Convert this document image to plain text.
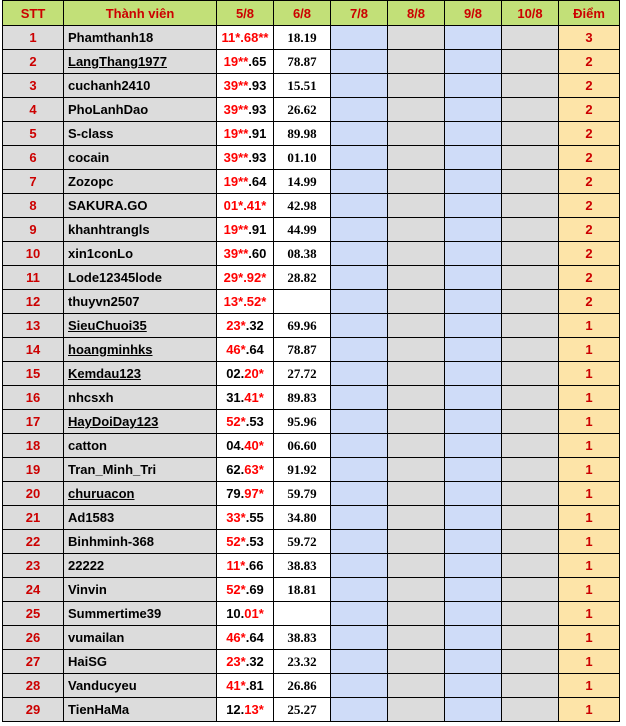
STT	Thành viên	5/8	6/8	7/8	8/8	9/8	10/8	Điểm
1	Phamthanh18	11*.68**	18.19					3
2	LangThang1977	19**.65	78.87					2
3	cuchanh2410	39**.93	15.51					2
4	PhoLanhDao	39**.93	26.62					2
5	S-class	19**.91	89.98					2
6	cocain	39**.93	01.10					2
7	Zozopc	19**.64	14.99					2
8	SAKURA.GO	01*.41*	42.98					2
9	khanhtrangls	19**.91	44.99					2
10	xin1conLo	39**.60	08.38					2
11	Lode12345lode	29*.92*	28.82					2
12	thuyvn2507	13*.52*						2
13	SieuChuoi35	23*.32	69.96					1
14	hoangminhks	46*.64	78.87					1
15	Kemdau123	02.20*	27.72					1
16	nhcsxh	31.41*	89.83					1
17	HayDoiDay123	52*.53	95.96					1
18	catton	04.40*	06.60					1
19	Tran_Minh_Tri	62.63*	91.92					1
20	churuacon	79.97*	59.79					1
21	Ad1583	33*.55	34.80					1
22	Binhminh-368	52*.53	59.72					1
23	22222	11*.66	38.83					1
24	Vinvin	52*.69	18.81					1
25	Summertime39	10.01*						1
26	vumailan	46*.64	38.83					1
27	HaiSG	23*.32	23.32					1
28	Vanducyeu	41*.81	26.86					1
29	TienHaMa	12.13*	25.27					1
